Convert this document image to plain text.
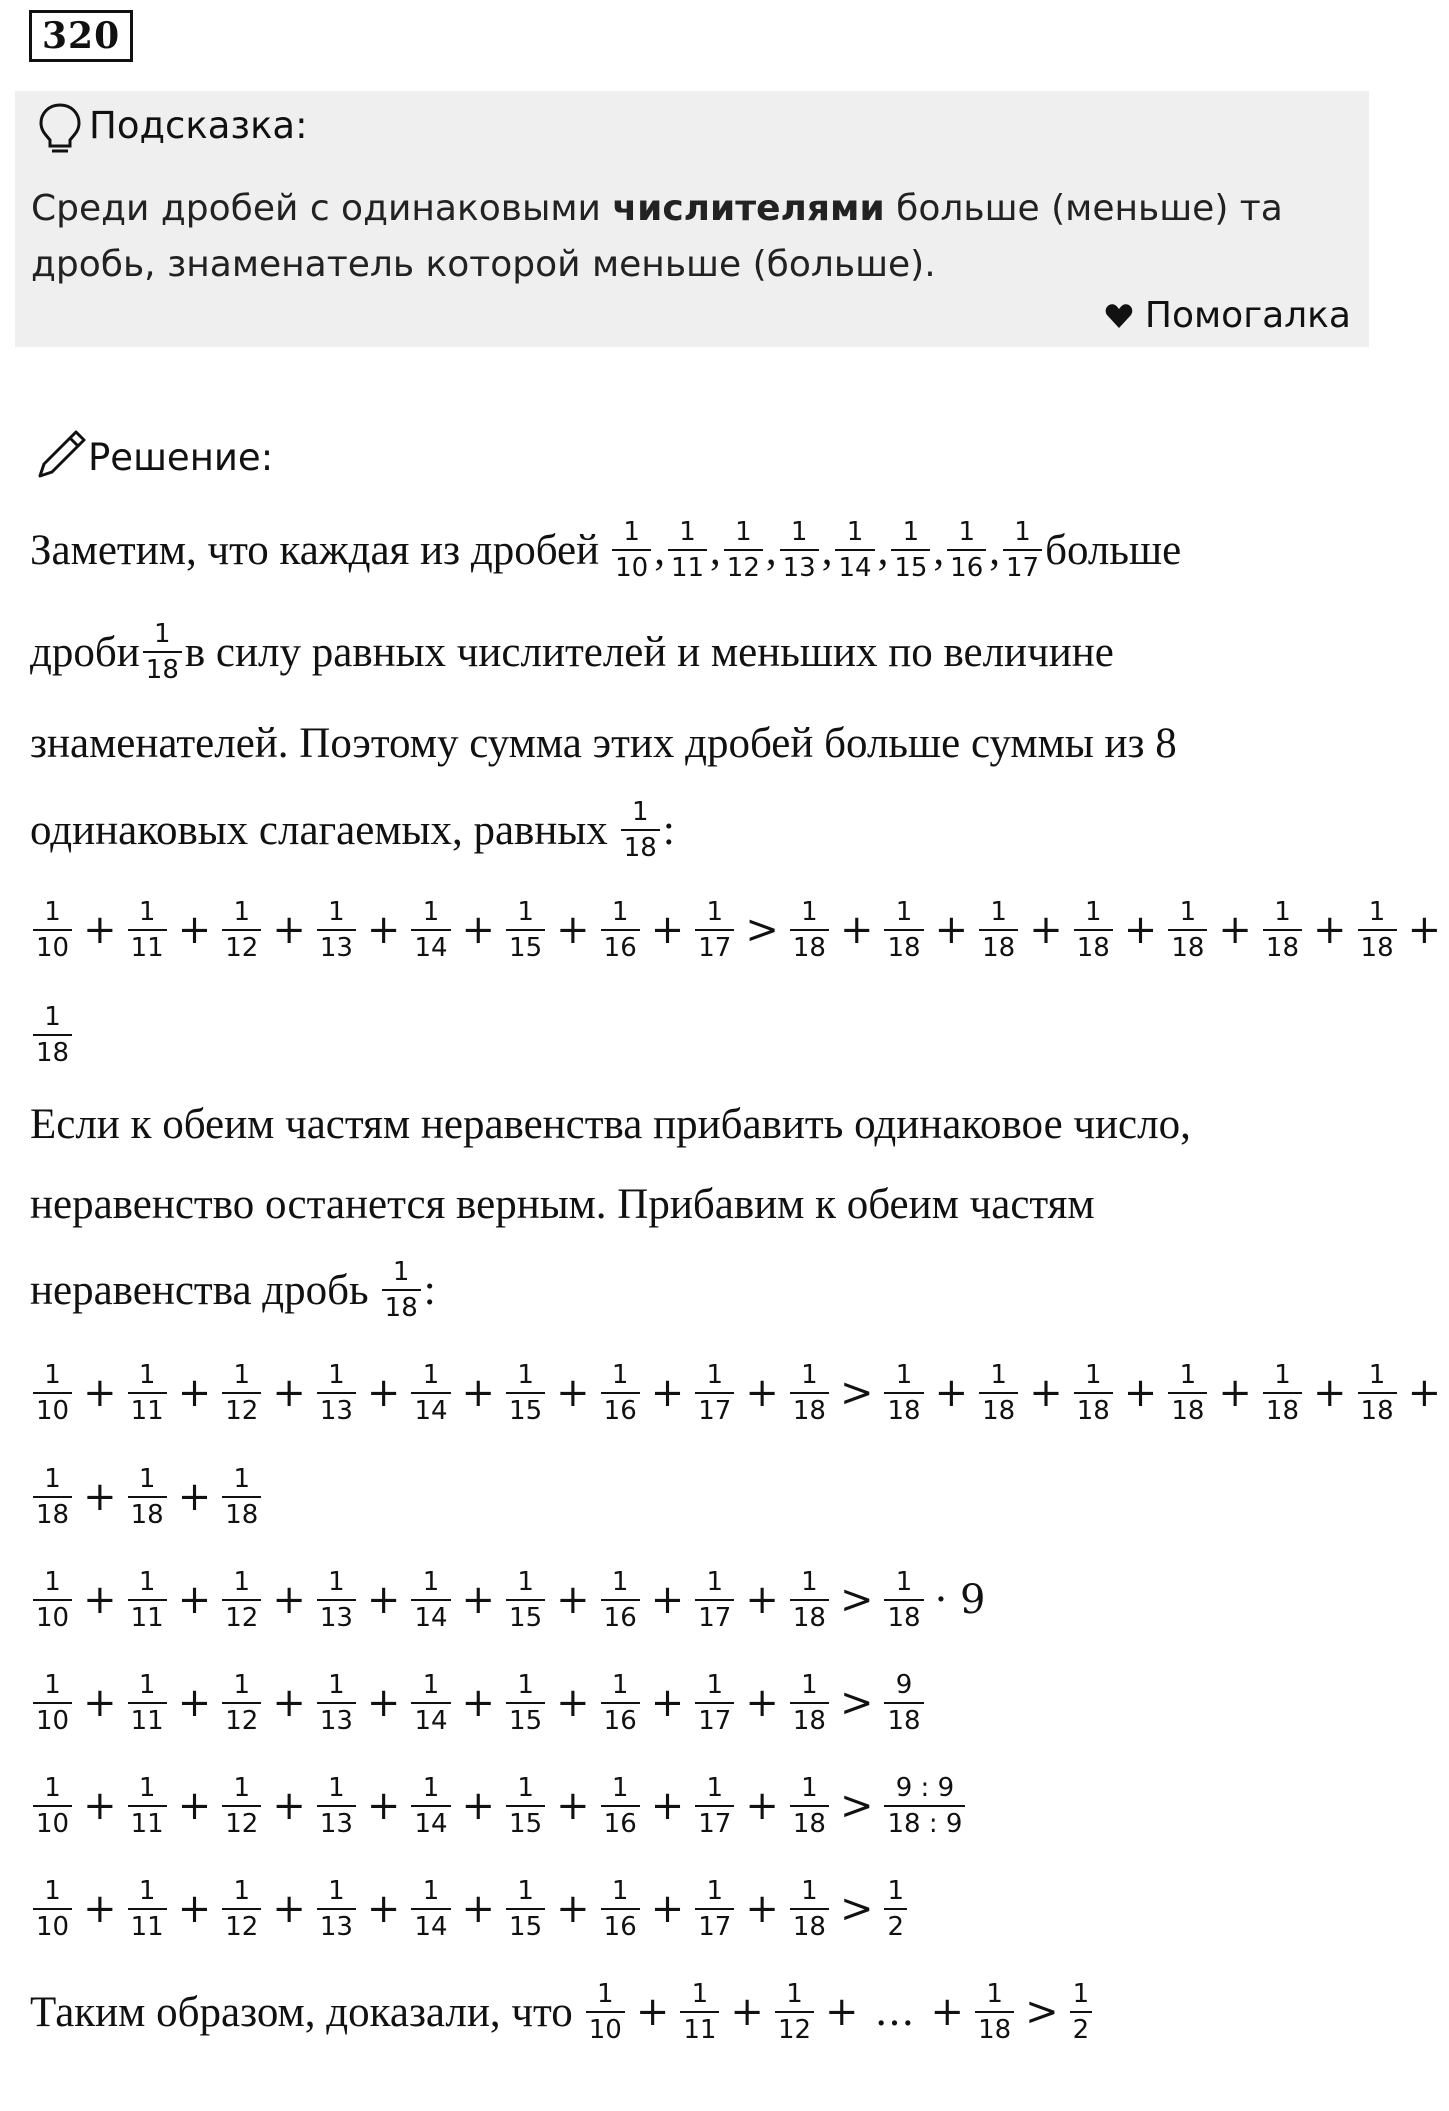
320
Подсказка:
Среди дробей с одинаковыми числителями больше (меньше) та дробь, знаменатель которой меньше (больше).
Помогалка
Решение:
Заметим, что каждая из дробей $\frac{1}{10}$ , $\frac{1}{11}$ , $\frac{1}{12}$ , $\frac{1}{13}$ , $\frac{1}{14}$ , $\frac{1}{15}$ , $\frac{1}{16}$ , $\frac{1}{17}$ больше
дроби $\frac{1}{18}$ в силу равных числителей и меньших по величине
знаменателей. Поэтому сумма этих дробей больше суммы из 8
одинаковых слагаемых, равных $\frac{1}{18}$ :
$\frac{1}{10} + \frac{1}{11} + \frac{1}{12} + \frac{1}{13} + \frac{1}{14} + \frac{1}{15} + \frac{1}{16} + \frac{1}{17} > \frac{1}{18} + \frac{1}{18} + \frac{1}{18} + \frac{1}{18} + \frac{1}{18} + \frac{1}{18} + \frac{1}{18}$ +
$\frac{1}{18}$
Если к обеим частям неравенства прибавить одинаковое число,
неравенство останется верным. Прибавим к обеим частям
неравенства дробь $\frac{1}{18}$ :
$\frac{1}{10} + \frac{1}{11} + \frac{1}{12} + \frac{1}{13} + \frac{1}{14} + \frac{1}{15} + \frac{1}{16} + \frac{1}{17} + \frac{1}{18} > \frac{1}{18} + \frac{1}{18} + \frac{1}{18} + \frac{1}{18} + \frac{1}{18} + \frac{1}{18}$ +
$\frac{1}{18} + \frac{1}{18} + \frac{1}{18}$
$\frac{1}{10} + \frac{1}{11} + \frac{1}{12} + \frac{1}{13} + \frac{1}{14} + \frac{1}{15} + \frac{1}{16} + \frac{1}{17} + \frac{1}{18} > \frac{1}{18} \cdot 9$
$\frac{1}{10} + \frac{1}{11} + \frac{1}{12} + \frac{1}{13} + \frac{1}{14} + \frac{1}{15} + \frac{1}{16} + \frac{1}{17} + \frac{1}{18} > \frac{9}{18}$
$\frac{1}{10} + \frac{1}{11} + \frac{1}{12} + \frac{1}{13} + \frac{1}{14} + \frac{1}{15} + \frac{1}{16} + \frac{1}{17} + \frac{1}{18} > \frac{9 : 9}{18 : 9}$
$\frac{1}{10} + \frac{1}{11} + \frac{1}{12} + \frac{1}{13} + \frac{1}{14} + \frac{1}{15} + \frac{1}{16} + \frac{1}{17} + \frac{1}{18} > \frac{1}{2}$
Таким образом, доказали, что $\frac{1}{10} + \frac{1}{11} + \frac{1}{12}$ + … + $\frac{1}{18} > \frac{1}{2}$
